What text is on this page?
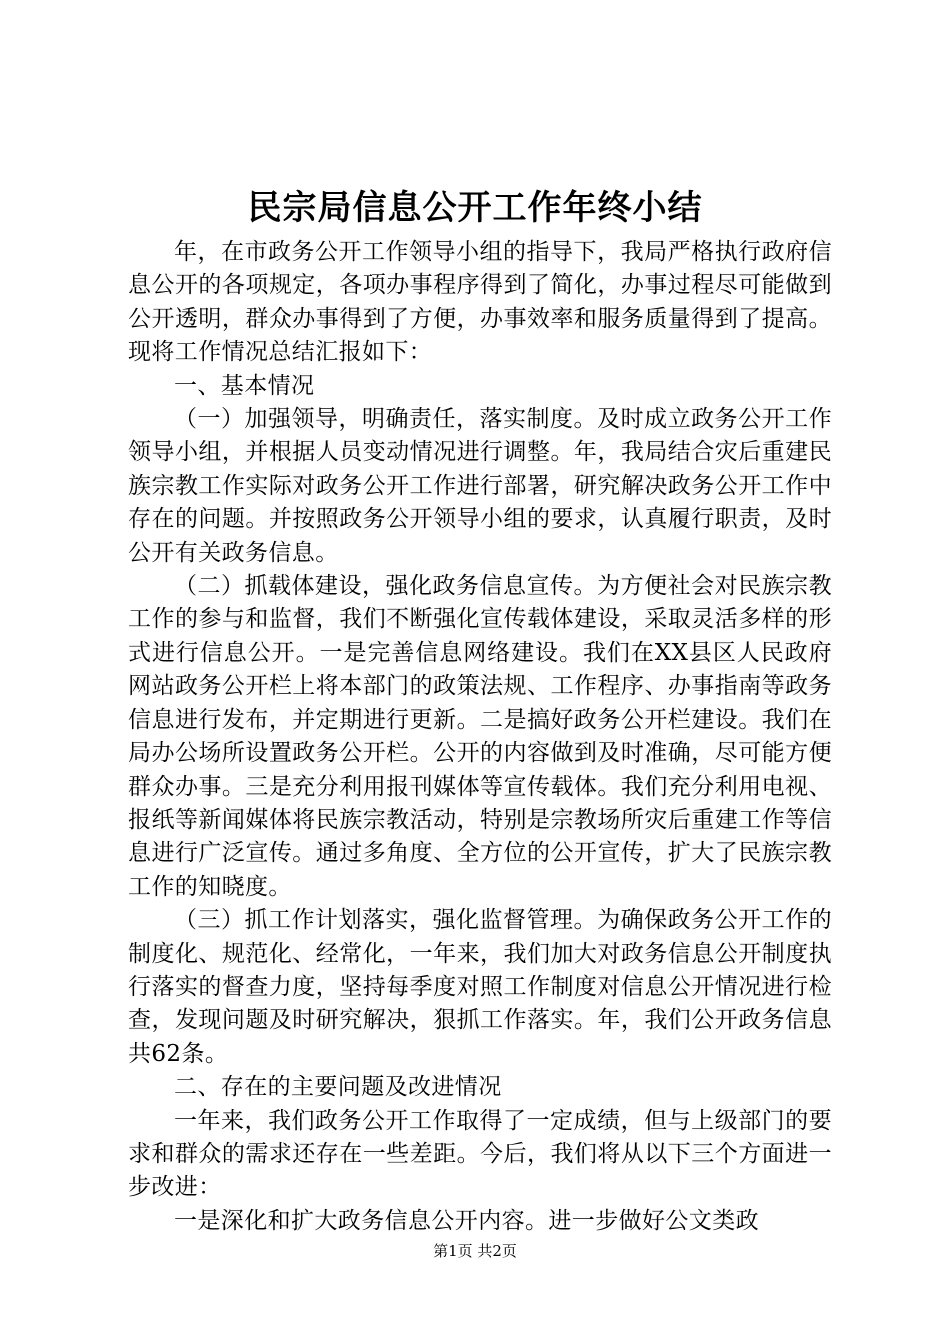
民宗局信息公开工作年终小结

年，在市政务公开工作领导小组的指导下，我局严格执行政府信息公开的各项规定，各项办事程序得到了简化，办事过程尽可能做到公开透明，群众办事得到了方便，办事效率和服务质量得到了提高。现将工作情况总结汇报如下：

一、基本情况

（一）加强领导，明确责任，落实制度。及时成立政务公开工作领导小组，并根据人员变动情况进行调整。年，我局结合灾后重建民族宗教工作实际对政务公开工作进行部署，研究解决政务公开工作中存在的问题。并按照政务公开领导小组的要求，认真履行职责，及时公开有关政务信息。

（二）抓载体建设，强化政务信息宣传。为方便社会对民族宗教工作的参与和监督，我们不断强化宣传载体建设，采取灵活多样的形式进行信息公开。一是完善信息网络建设。我们在XX县区人民政府网站政务公开栏上将本部门的政策法规、工作程序、办事指南等政务信息进行发布，并定期进行更新。二是搞好政务公开栏建设。我们在局办公场所设置政务公开栏。公开的内容做到及时准确，尽可能方便群众办事。三是充分利用报刊媒体等宣传载体。我们充分利用电视、报纸等新闻媒体将民族宗教活动，特别是宗教场所灾后重建工作等信息进行广泛宣传。通过多角度、全方位的公开宣传，扩大了民族宗教工作的知晓度。

（三）抓工作计划落实，强化监督管理。为确保政务公开工作的制度化、规范化、经常化，一年来，我们加大对政务信息公开制度执行落实的督查力度，坚持每季度对照工作制度对信息公开情况进行检查，发现问题及时研究解决，狠抓工作落实。年，我们公开政务信息共62条。

二、存在的主要问题及改进情况

一年来，我们政务公开工作取得了一定成绩，但与上级部门的要求和群众的需求还存在一些差距。今后，我们将从以下三个方面进一步改进：

一是深化和扩大政务信息公开内容。进一步做好公文类政

第1页 共2页
